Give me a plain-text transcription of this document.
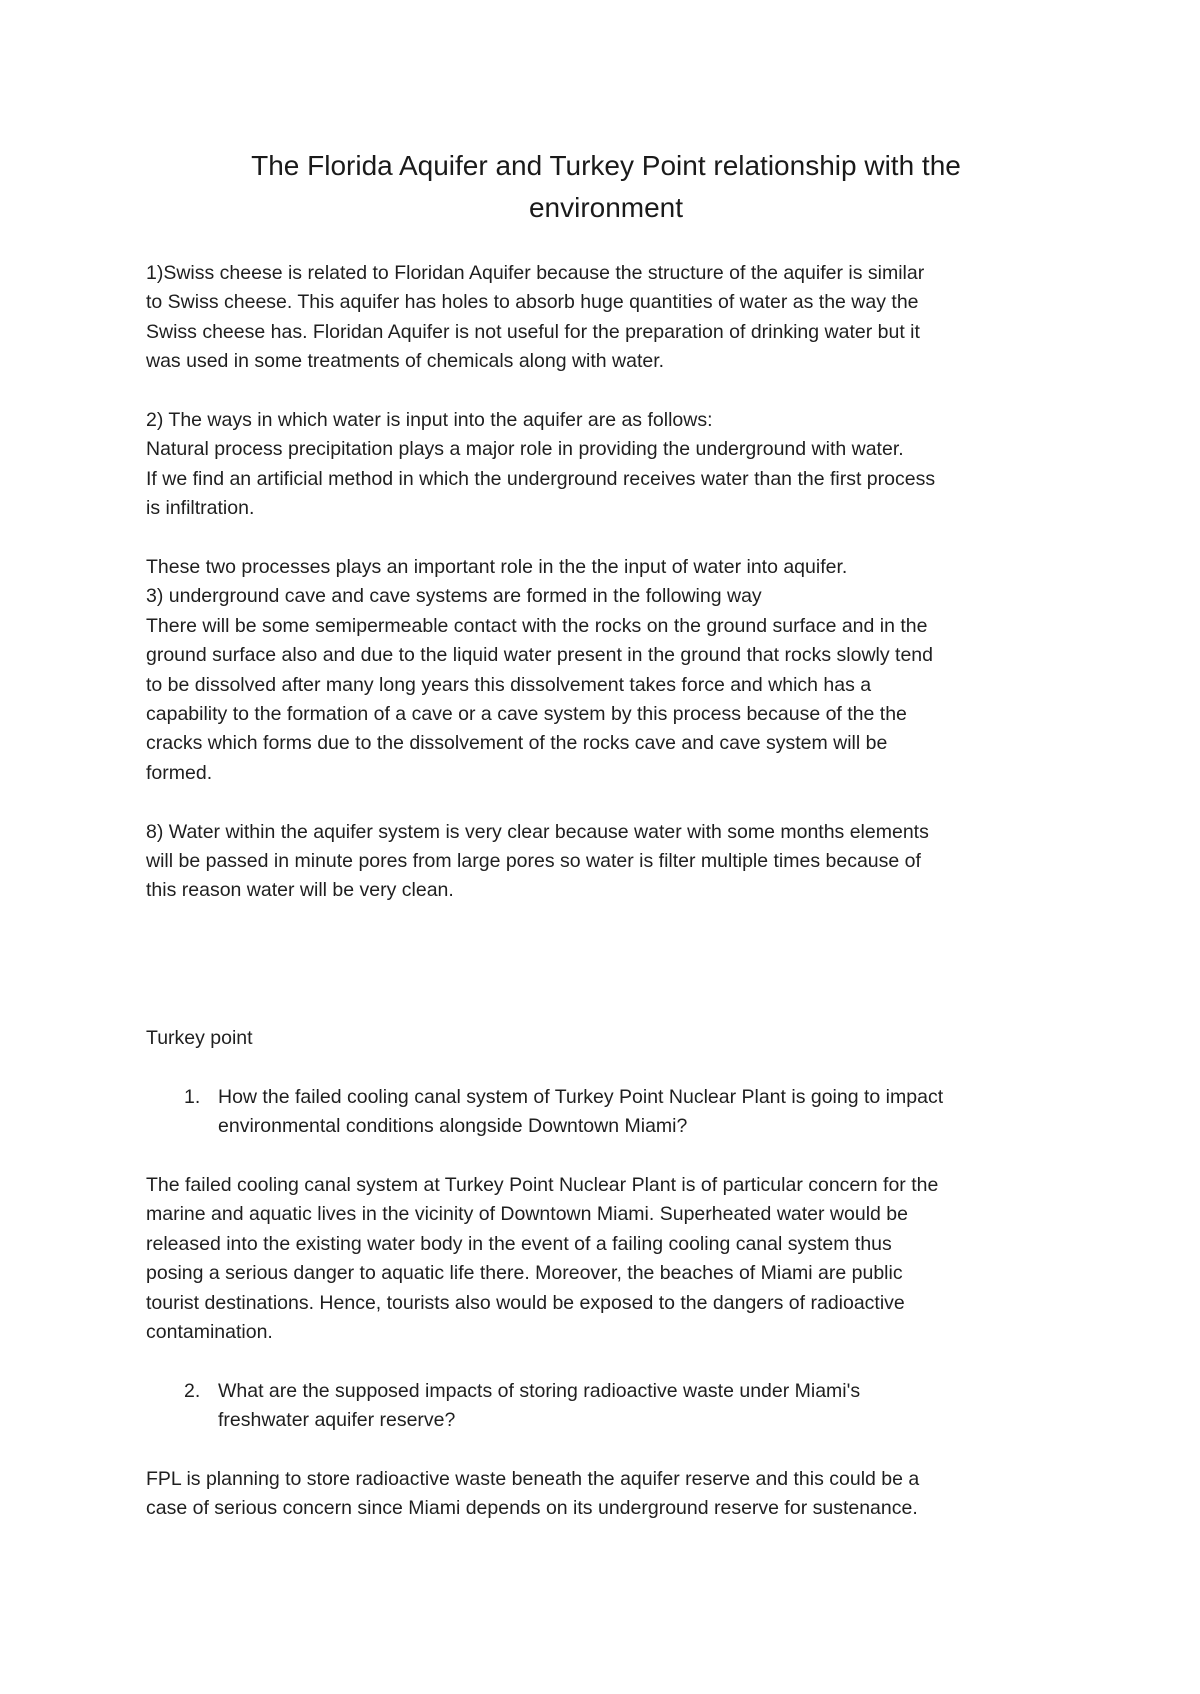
The Florida Aquifer and Turkey Point relationship with the
environment

1)Swiss cheese is related to Floridan Aquifer because the structure of the aquifer is similar
to Swiss cheese. This aquifer has holes to absorb huge quantities of water as the way the
Swiss cheese has. Floridan Aquifer is not useful for the preparation of drinking water but it
was used in some treatments of chemicals along with water.

2) The ways in which water is input into the aquifer are as follows:
Natural process precipitation plays a major role in providing the underground with water.
If we find an artificial method in which the underground receives water than the first process
is infiltration.

These two processes plays an important role in the the input of water into aquifer.
3) underground cave and cave systems are formed in the following way
There will be some semipermeable contact with the rocks on the ground surface and in the
ground surface also and due to the liquid water present in the ground that rocks slowly tend
to be dissolved after many long years this dissolvement takes force and which has a
capability to the formation of a cave or a cave system by this process because of the the
cracks which forms due to the dissolvement of the rocks cave and cave system will be
formed.

8) Water within the aquifer system is very clear because water with some months elements
will be passed in minute pores from large pores so water is filter multiple times because of
this reason water will be very clean.

Turkey point

1. How the failed cooling canal system of Turkey Point Nuclear Plant is going to impact
environmental conditions alongside Downtown Miami?

The failed cooling canal system at Turkey Point Nuclear Plant is of particular concern for the
marine and aquatic lives in the vicinity of Downtown Miami. Superheated water would be
released into the existing water body in the event of a failing cooling canal system thus
posing a serious danger to aquatic life there. Moreover, the beaches of Miami are public
tourist destinations. Hence, tourists also would be exposed to the dangers of radioactive
contamination.

2. What are the supposed impacts of storing radioactive waste under Miami's
freshwater aquifer reserve?

FPL is planning to store radioactive waste beneath the aquifer reserve and this could be a
case of serious concern since Miami depends on its underground reserve for sustenance.
